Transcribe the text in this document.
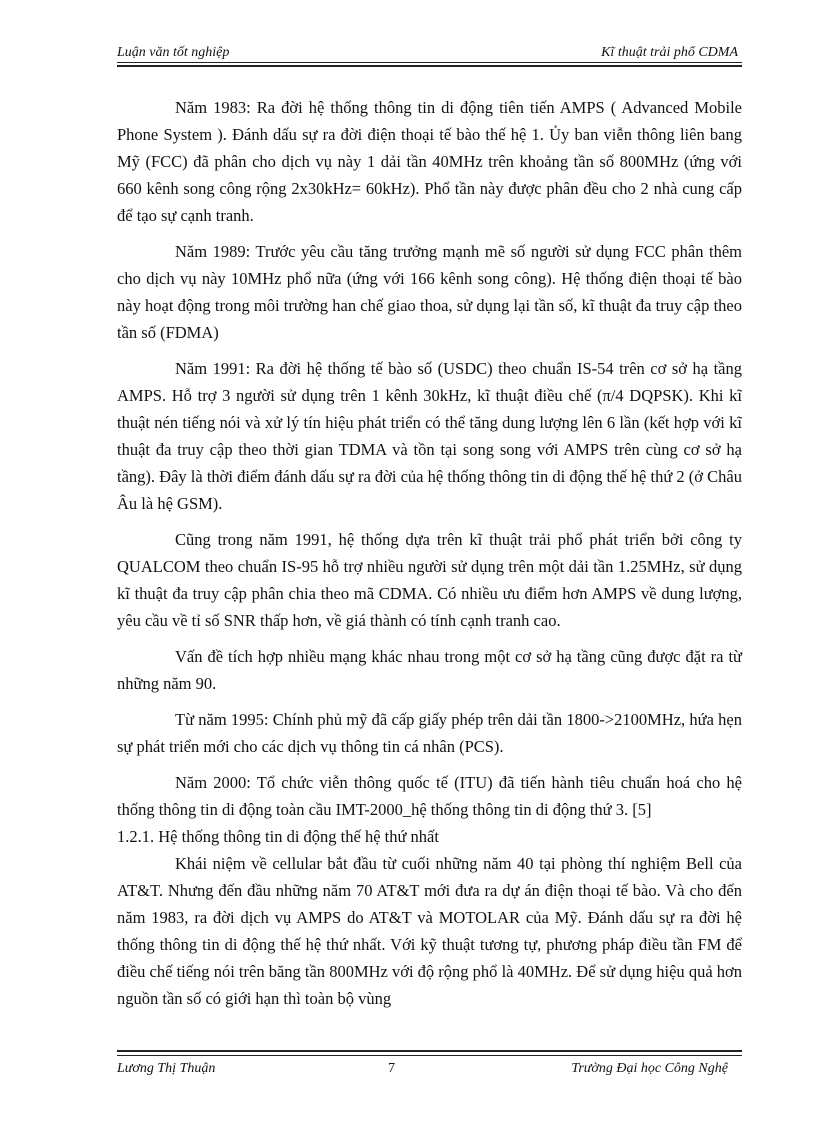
Luận văn tốt nghiệp	Kĩ thuật trải phổ CDMA

Năm 1983: Ra đời hệ thống thông tin di động tiên tiến AMPS ( Advanced Mobile Phone System ). Đánh dấu sự ra đời điện thoại tế bào thế hệ 1. Ủy ban viễn thông liên bang Mỹ (FCC) đã phân cho dịch vụ này 1 dải tần 40MHz trên khoảng tần số 800MHz (ứng với 660 kênh song công rộng 2x30kHz= 60kHz). Phổ tần này được phân đều cho 2 nhà cung cấp để tạo sự cạnh tranh.

Năm 1989: Trước yêu cầu tăng trưởng mạnh mẽ số người sử dụng FCC phân thêm cho dịch vụ này 10MHz phổ nữa (ứng với 166 kênh song công). Hệ thống điện thoại tế bào này hoạt động trong môi trường han chế giao thoa, sử dụng lại tần số, kĩ thuật đa truy cập theo tần số (FDMA)

Năm 1991: Ra đời hệ thống tế bào số (USDC) theo chuẩn IS-54 trên cơ sở hạ tầng AMPS. Hỗ trợ 3 người sử dụng trên 1 kênh 30kHz, kĩ thuật điều chế (π/4 DQPSK). Khi kĩ thuật nén tiếng nói và xử lý tín hiệu phát triển có thể tăng dung lượng lên 6 lần (kết hợp với kĩ thuật đa truy cập theo thời gian TDMA và tồn tại song song với AMPS trên cùng cơ sở hạ tầng). Đây là thời điểm đánh dấu sự ra đời của hệ thống thông tin di động thế hệ thứ 2 (ở Châu Âu là hệ GSM).

Cũng trong năm 1991, hệ thống dựa trên kĩ thuật trải phổ phát triển bởi công ty QUALCOM theo chuẩn IS-95 hỗ trợ nhiều người sử dụng trên một dải tần 1.25MHz, sử dụng kĩ thuật đa truy cập phân chia theo mã CDMA. Có nhiều ưu điểm hơn AMPS về dung lượng, yêu cầu về tỉ số SNR thấp hơn, về giá thành có tính cạnh tranh cao.

Vấn đề tích hợp nhiều mạng khác nhau trong một cơ sở hạ tầng cũng được đặt ra từ những năm 90.

Từ năm 1995: Chính phủ mỹ đã cấp giấy phép trên dải tần 1800->2100MHz, hứa hẹn sự phát triển mới cho các dịch vụ thông tin cá nhân (PCS).

Năm 2000: Tổ chức viễn thông quốc tế (ITU) đã tiến hành tiêu chuẩn hoá cho hệ thống thông tin di động toàn cầu IMT-2000_hệ thống thông tin di động thứ 3. [5]

1.2.1. Hệ thống thông tin di động thế hệ thứ nhất

Khái niệm về cellular bắt đầu từ cuối những năm 40 tại phòng thí nghiệm Bell của AT&T. Nhưng đến đầu những năm 70 AT&T mới đưa ra dự án điện thoại tế bào. Và cho đến năm 1983, ra đời dịch vụ AMPS do AT&T và MOTOLAR của Mỹ. Đánh dấu sự ra đời hệ thống thông tin di động thế hệ thứ nhất. Với kỹ thuật tương tự, phương pháp điều tần FM để điều chế tiếng nói trên băng tần 800MHz với độ rộng phổ là 40MHz. Để sử dụng hiệu quả hơn nguồn tần số có giới hạn thì toàn bộ vùng

Lương Thị Thuận	7	Trường Đại học Công Nghệ
